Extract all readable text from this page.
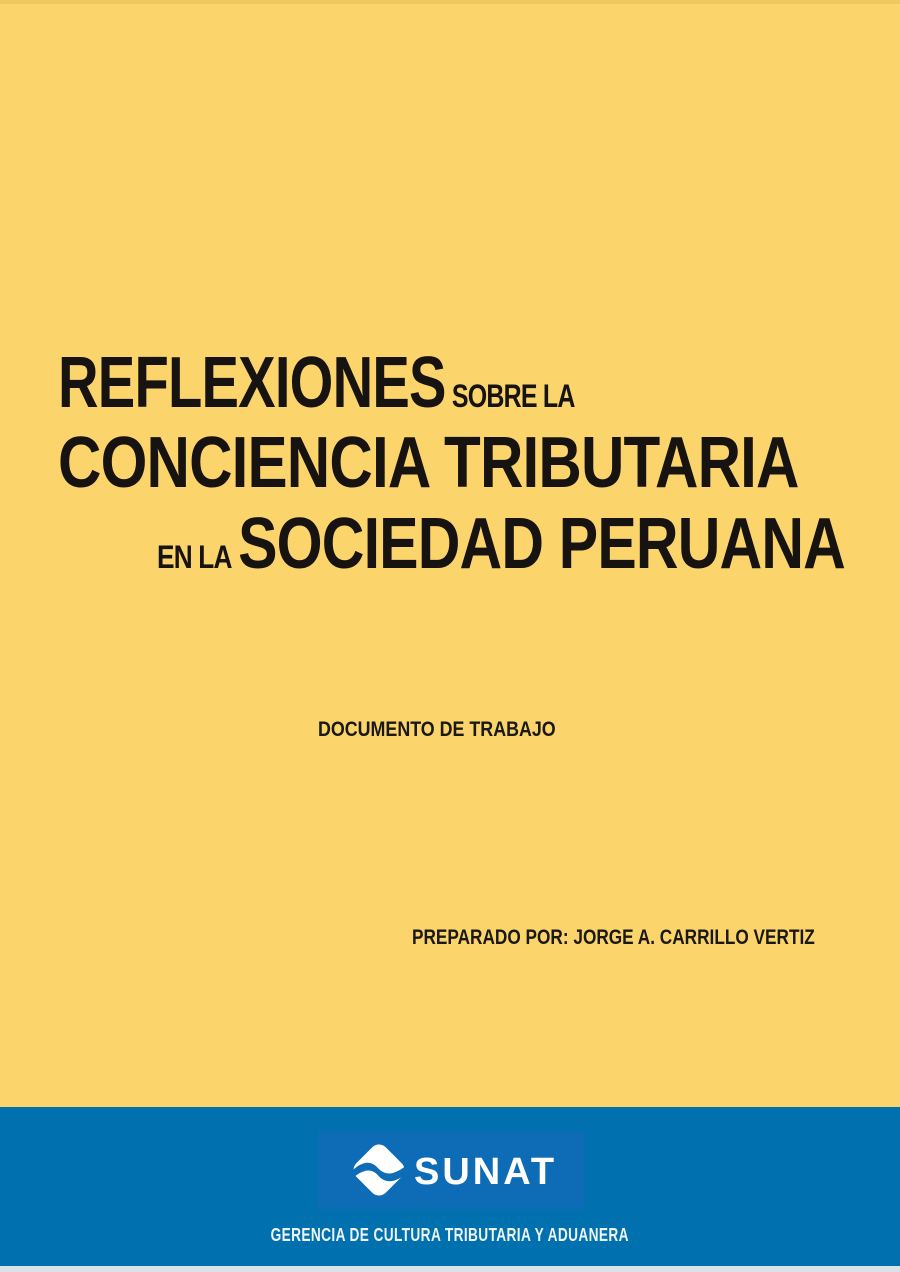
REFLEXIONES SOBRE LA
CONCIENCIA TRIBUTARIA
EN LA SOCIEDAD PERUANA
DOCUMENTO DE TRABAJO
PREPARADO POR: JORGE A. CARRILLO VERTIZ
SUNAT
GERENCIA DE CULTURA TRIBUTARIA Y ADUANERA
